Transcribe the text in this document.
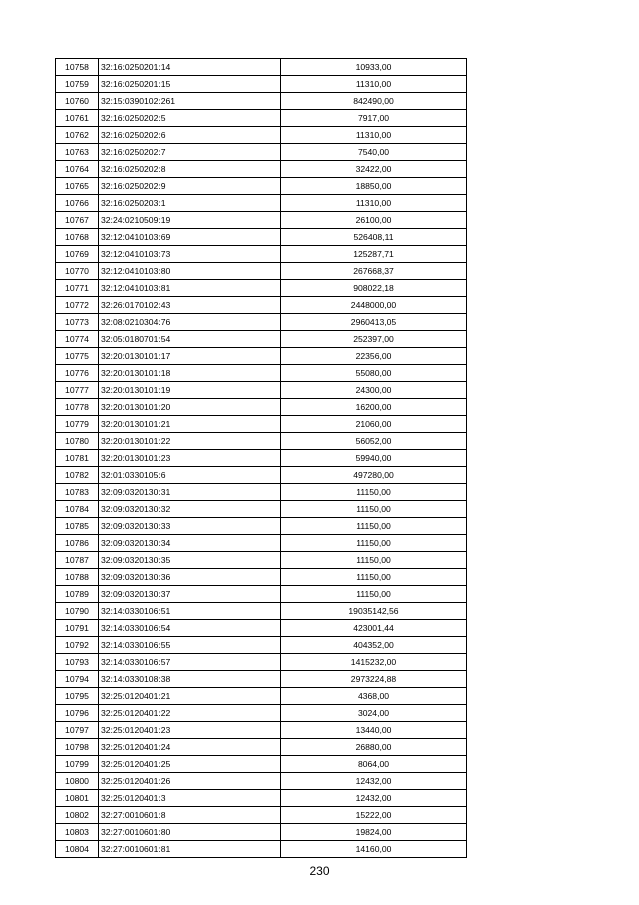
10758	32:16:0250201:14	10933,00
10759	32:16:0250201:15	11310,00
10760	32:15:0390102:261	842490,00
10761	32:16:0250202:5	7917,00
10762	32:16:0250202:6	11310,00
10763	32:16:0250202:7	7540,00
10764	32:16:0250202:8	32422,00
10765	32:16:0250202:9	18850,00
10766	32:16:0250203:1	11310,00
10767	32:24:0210509:19	26100,00
10768	32:12:0410103:69	526408,11
10769	32:12:0410103:73	125287,71
10770	32:12:0410103:80	267668,37
10771	32:12:0410103:81	908022,18
10772	32:26:0170102:43	2448000,00
10773	32:08:0210304:76	2960413,05
10774	32:05:0180701:54	252397,00
10775	32:20:0130101:17	22356,00
10776	32:20:0130101:18	55080,00
10777	32:20:0130101:19	24300,00
10778	32:20:0130101:20	16200,00
10779	32:20:0130101:21	21060,00
10780	32:20:0130101:22	56052,00
10781	32:20:0130101:23	59940,00
10782	32:01:0330105:6	497280,00
10783	32:09:0320130:31	11150,00
10784	32:09:0320130:32	11150,00
10785	32:09:0320130:33	11150,00
10786	32:09:0320130:34	11150,00
10787	32:09:0320130:35	11150,00
10788	32:09:0320130:36	11150,00
10789	32:09:0320130:37	11150,00
10790	32:14:0330106:51	19035142,56
10791	32:14:0330106:54	423001,44
10792	32:14:0330106:55	404352,00
10793	32:14:0330106:57	1415232,00
10794	32:14:0330108:38	2973224,88
10795	32:25:0120401:21	4368,00
10796	32:25:0120401:22	3024,00
10797	32:25:0120401:23	13440,00
10798	32:25:0120401:24	26880,00
10799	32:25:0120401:25	8064,00
10800	32:25:0120401:26	12432,00
10801	32:25:0120401:3	12432,00
10802	32:27:0010601:8	15222,00
10803	32:27:0010601:80	19824,00
10804	32:27:0010601:81	14160,00
230
